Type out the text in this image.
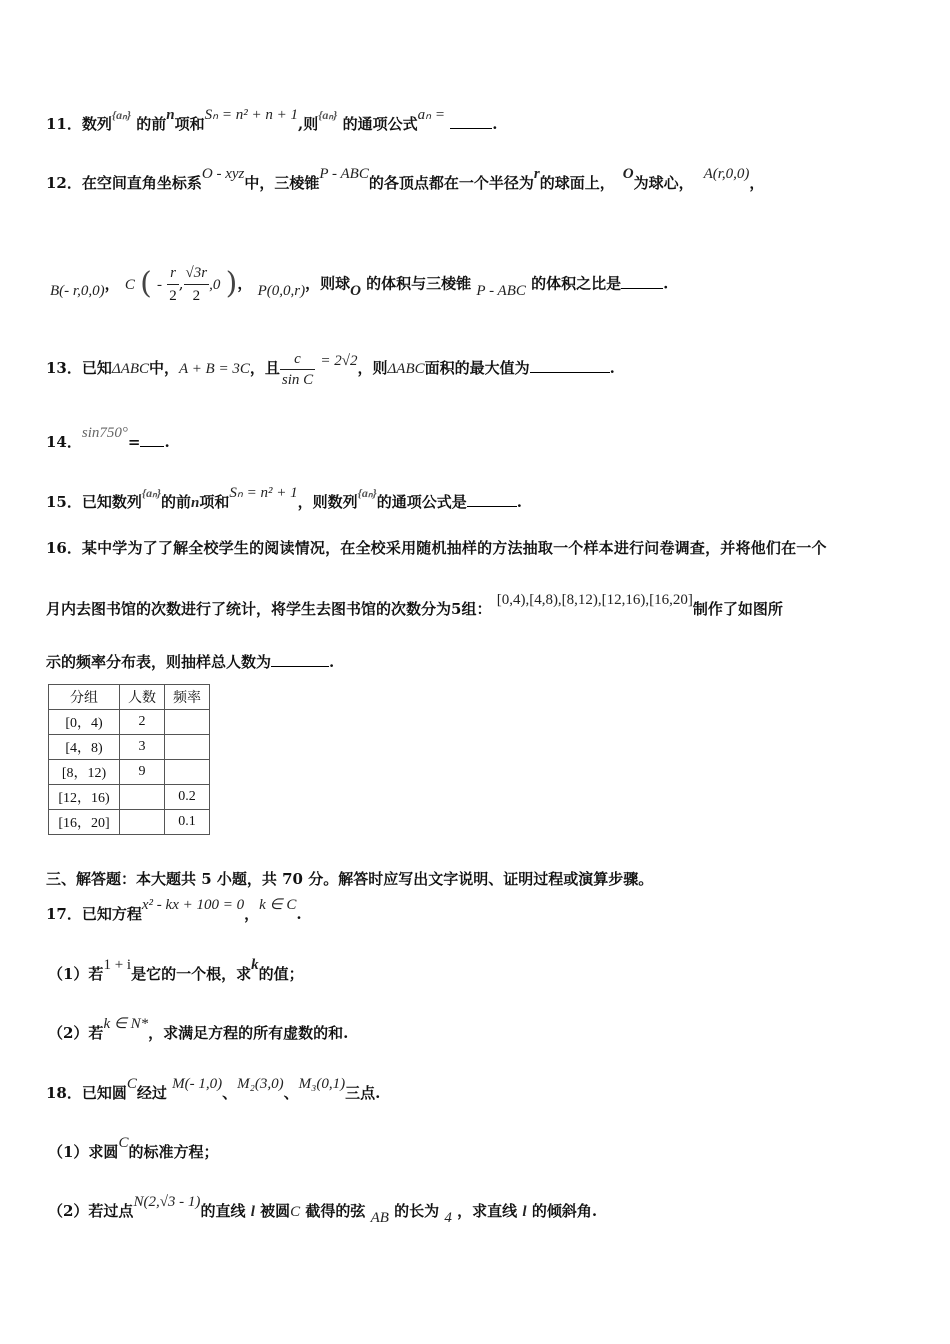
11．数列$^{\{a_n\}}$ 的前n项和Sₙ = n² + n + 1,则$^{\{a_n\}}$ 的通项公式aₙ =	.
12．在空间直角坐标系O - xyz中，三棱锥P - ABC的各顶点都在一个半径为r的球面上， O为球心， A(r,0,0)，
B(- r,0,0)， C ( - $\frac{r}{2}$ , $\frac{√3r}{2} ,0$ )， P(0,0,r)，则球O 的体积与三棱锥 P - ABC 的体积之比是	.
13．已知ΔABC中，A + B = 3C，且 $\frac{c}{\text{sin C}} = 2√2$，则ΔABC面积的最大值为	.
14．sin750°= .
15．已知数列$^{\{a_n\}}$的前n项和Sₙ = n² + 1，则数列$^{\{a_n\}}$的通项公式是	.
16．某中学为了了解全校学生的阅读情况，在全校采用随机抽样的方法抽取一个样本进行问卷调查，并将他们在一个
月内去图书馆的次数进行了统计，将学生去图书馆的次数分为5组： [0,4),[4,8),[8,12),[12,16),[16,20]制作了如图所
示的频率分布表，则抽样总人数为	.
分组	人数	频率
[0，4)	2	
[4，8)	3	
[8，12)	9	
[12，16)		0.2
[16，20]		0.1
三、解答题：本大题共 5 小题，共 70 分。解答时应写出文字说明、证明过程或演算步骤。
17．已知方程x² - kx + 100 = 0，k ∈ C.
（1）若1 + i是它的一个根，求k的值；
（2）若k ∈ N*，求满足方程的所有虚数的和.
18．已知圆C经过 M(- 1,0)、M₂(3,0)、M₃(0,1)三点.
（1）求圆C的标准方程；
（2）若过点N(2,√3 - 1)的直线 l 被圆C 截得的弦 AB 的长为 4 ，求直线 l 的倾斜角.
